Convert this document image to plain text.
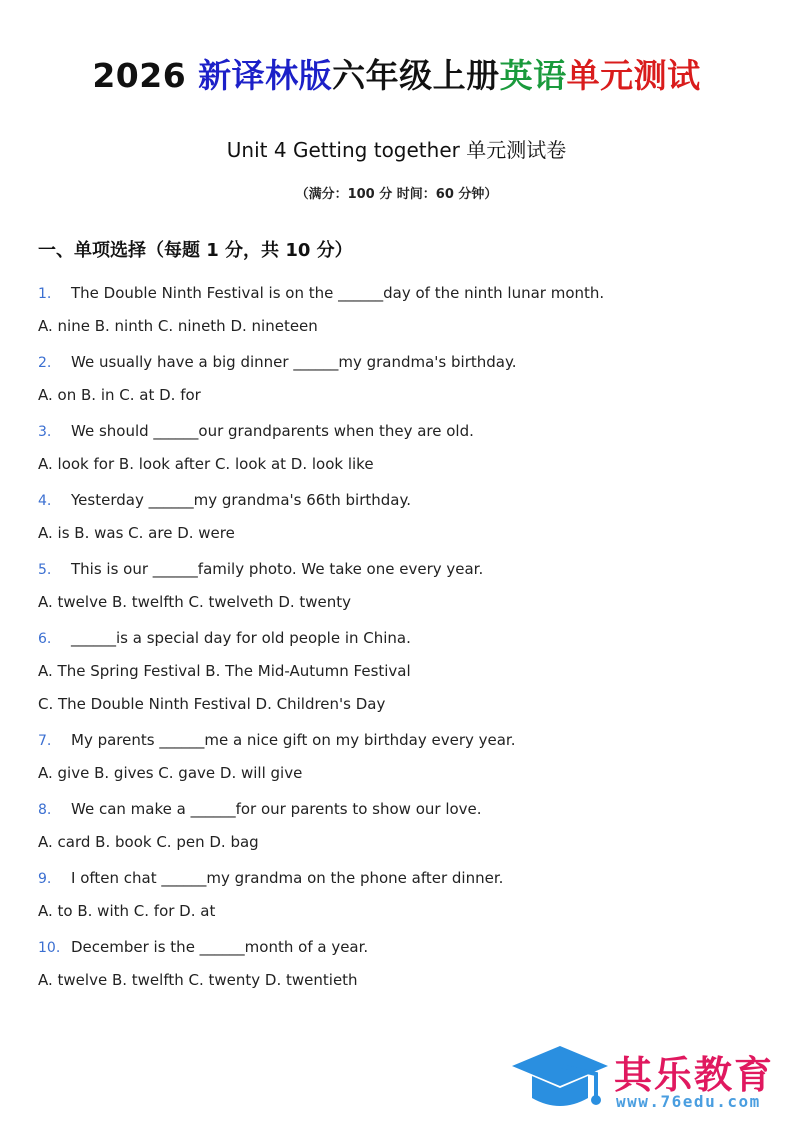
2026 新译林版六年级上册英语单元测试
Unit 4 Getting together 单元测试卷
（满分：100 分 时间：60 分钟）
一、单项选择（每题 1 分，共 10 分）
1. The Double Ninth Festival is on the ______day of the ninth lunar month.
A. nine B. ninth C. nineth D. nineteen
2. We usually have a big dinner ______my grandma's birthday.
A. on B. in C. at D. for
3. We should ______our grandparents when they are old.
A. look for B. look after C. look at D. look like
4. Yesterday ______my grandma's 66th birthday.
A. is B. was C. are D. were
5. This is our ______family photo. We take one every year.
A. twelve B. twelfth C. twelveth D. twenty
6. ______is a special day for old people in China.
A. The Spring Festival B. The Mid-Autumn Festival
C. The Double Ninth Festival D. Children's Day
7. My parents ______me a nice gift on my birthday every year.
A. give B. gives C. gave D. will give
8. We can make a ______for our parents to show our love.
A. card B. book C. pen D. bag
9. I often chat ______my grandma on the phone after dinner.
A. to B. with C. for D. at
10. December is the ______month of a year.
A. twelve B. twelfth C. twenty D. twentieth
其乐教育
www.76edu.com
